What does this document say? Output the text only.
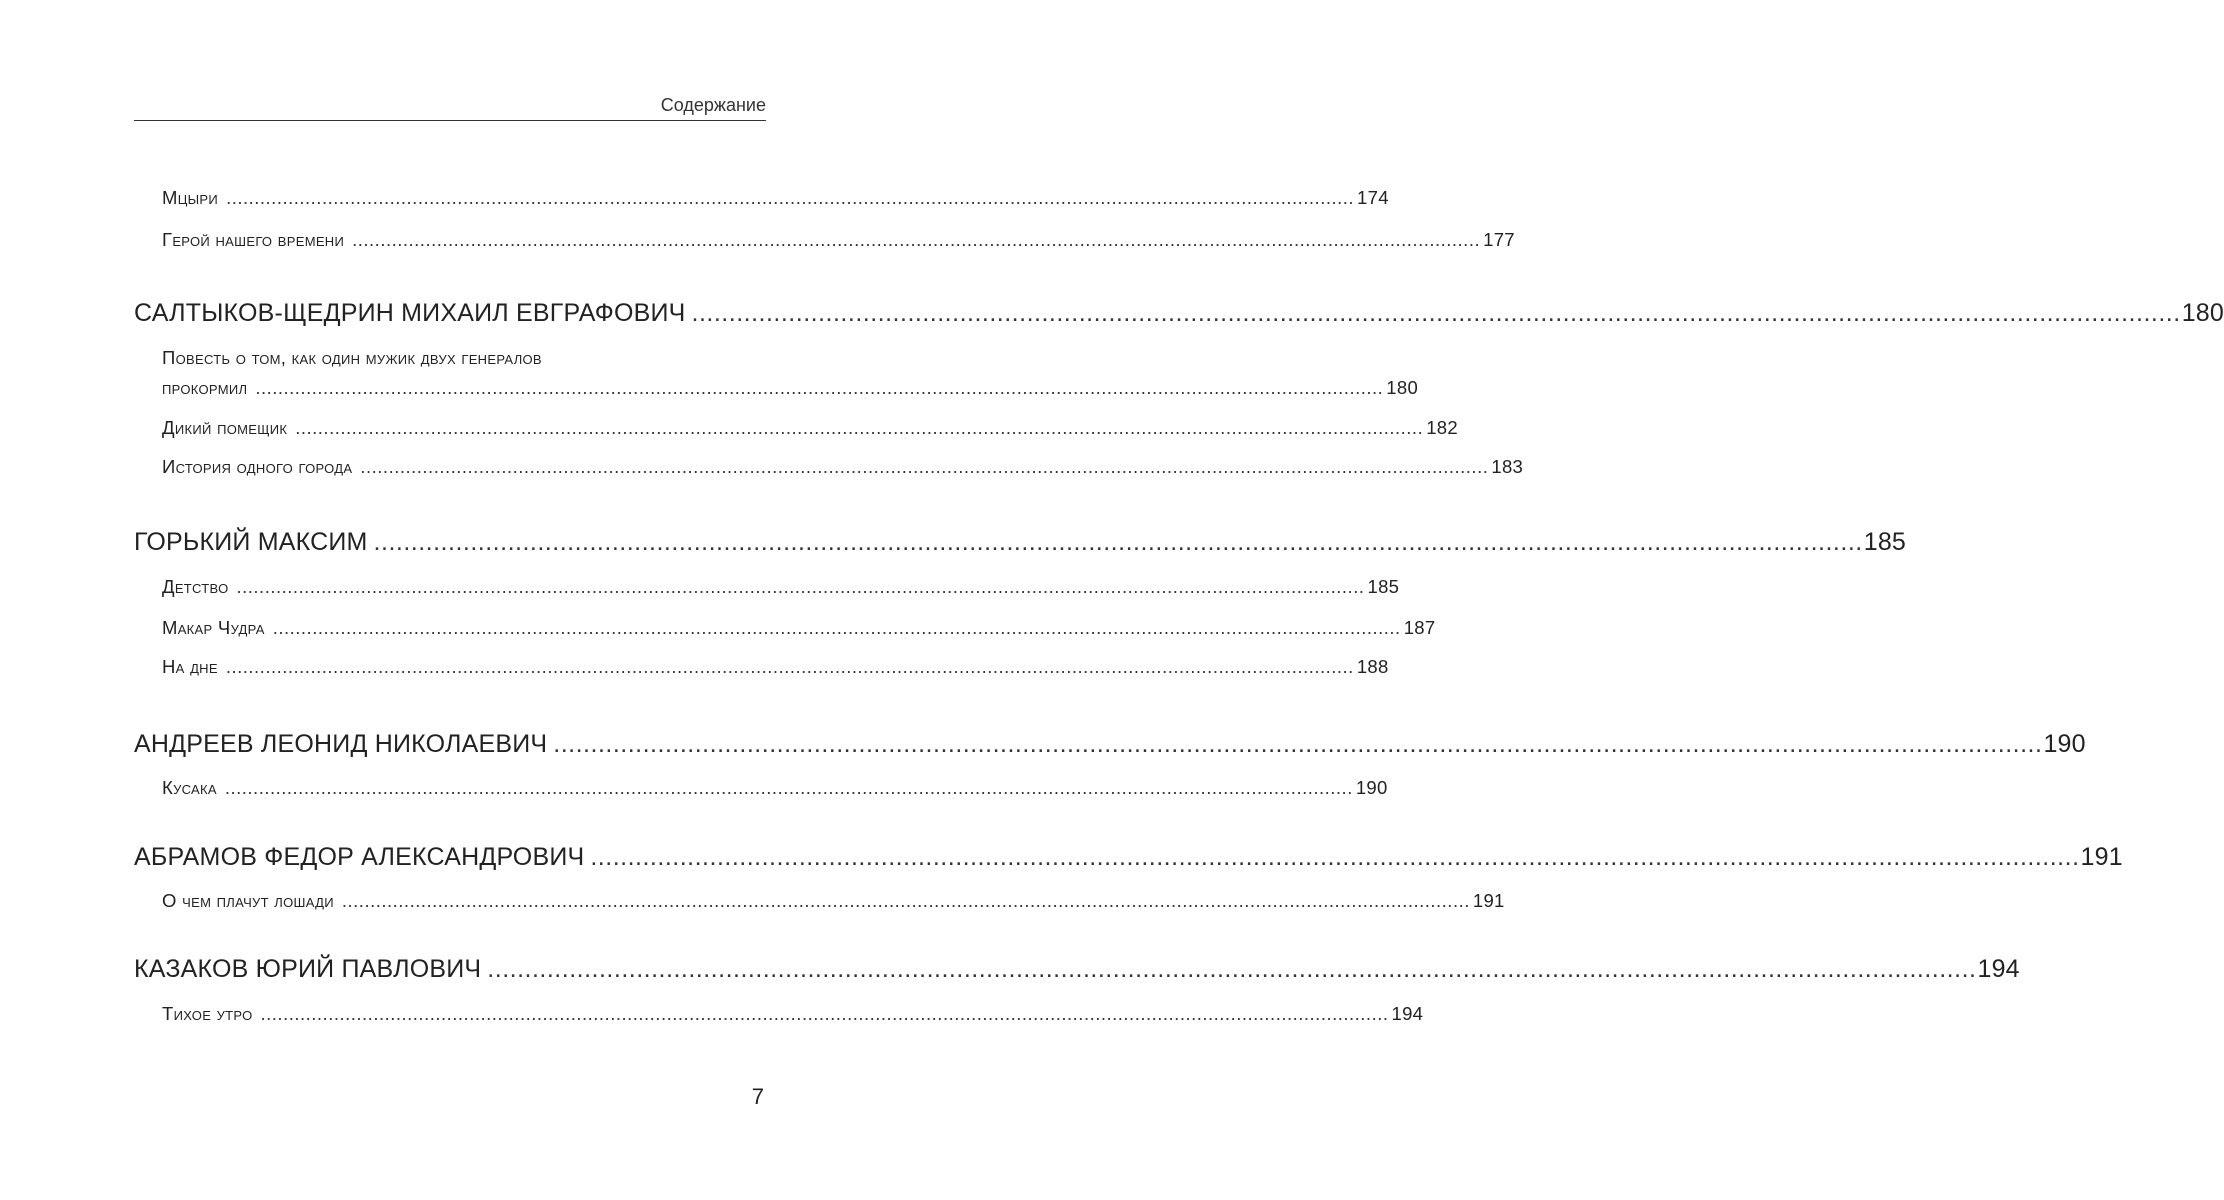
Содержание
Мцыри ........................................................................................................................................................................................................ 174
Герой нашего времени ........................................................................................................................................................................................................ 177
САЛТЫКОВ-ЩЕДРИН МИХАИЛ ЕВГРАФОВИЧ ........................................................................................................................................................................................................ 180
Повесть о том, как один мужик двух генералов
прокормил ........................................................................................................................................................................................................ 180
Дикий помещик ........................................................................................................................................................................................................ 182
История одного города ........................................................................................................................................................................................................ 183
ГОРЬКИЙ МАКСИМ ........................................................................................................................................................................................................ 185
Детство ........................................................................................................................................................................................................ 185
Макар Чудра ........................................................................................................................................................................................................ 187
На дне ........................................................................................................................................................................................................ 188
АНДРЕЕВ ЛЕОНИД НИКОЛАЕВИЧ ........................................................................................................................................................................................................ 190
Кусака ........................................................................................................................................................................................................ 190
АБРАМОВ ФЕДОР АЛЕКСАНДРОВИЧ ........................................................................................................................................................................................................ 191
О чем плачут лошади ........................................................................................................................................................................................................ 191
КАЗАКОВ ЮРИЙ ПАВЛОВИЧ ........................................................................................................................................................................................................ 194
Тихое утро ........................................................................................................................................................................................................ 194
7
